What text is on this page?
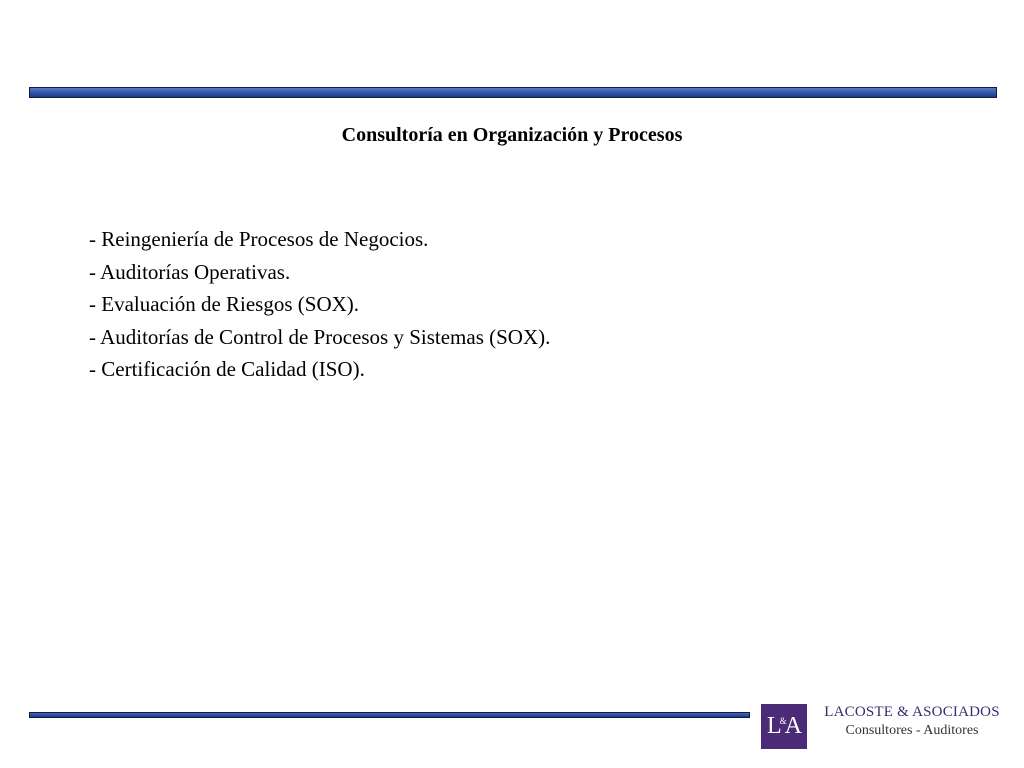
Consultoría en Organización y Procesos
- Reingeniería de Procesos de Negocios.
- Auditorías Operativas.
- Evaluación de Riesgos (SOX).
- Auditorías de Control de Procesos y Sistemas (SOX).
- Certificación de Calidad (ISO).
L & A
LACOSTE & ASOCIADOS
Consultores - Auditores
